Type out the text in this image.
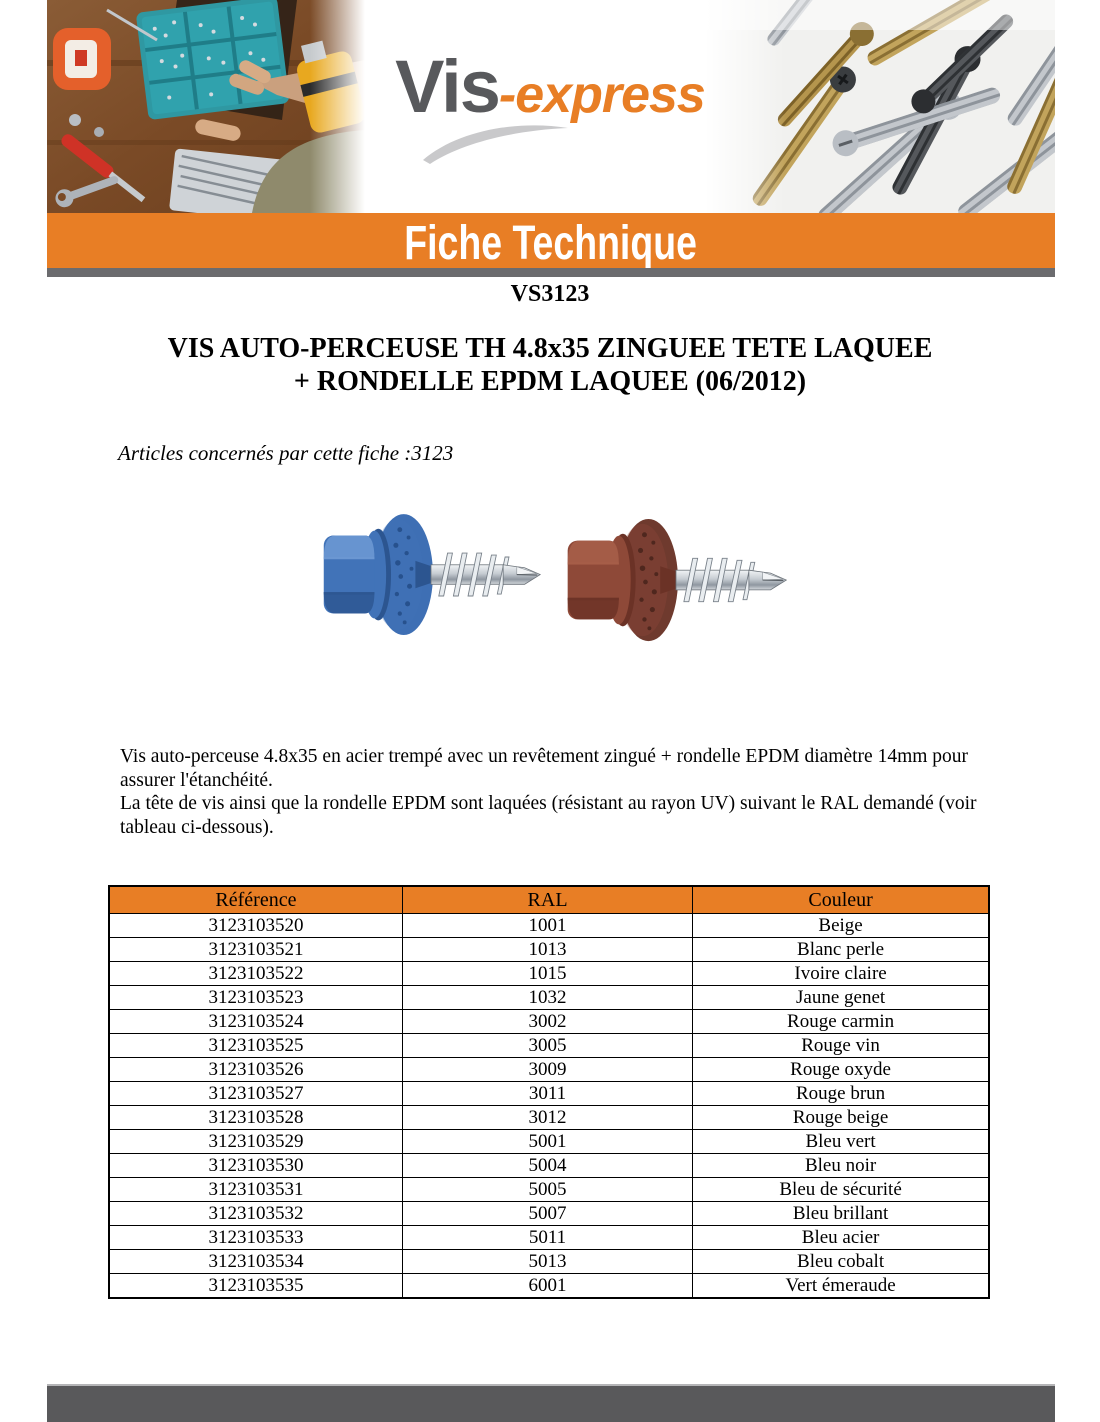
Vis -express
Fiche Technique
VS3123
VIS AUTO-PERCEUSE TH 4.8x35 ZINGUEE TETE LAQUEE
+ RONDELLE EPDM LAQUEE (06/2012)
Articles concernés par cette fiche :3123

Vis auto-perceuse 4.8x35 en acier trempé avec un revêtement zingué + rondelle EPDM diamètre 14mm pour assurer l'étanchéité.

La tête de vis ainsi que la rondelle EPDM sont laquées (résistant au rayon UV) suivant le RAL demandé (voir tableau ci-dessous).

Référence	RAL	Couleur
3123103520	1001	Beige
3123103521	1013	Blanc perle
3123103522	1015	Ivoire claire
3123103523	1032	Jaune genet
3123103524	3002	Rouge carmin
3123103525	3005	Rouge vin
3123103526	3009	Rouge oxyde
3123103527	3011	Rouge brun
3123103528	3012	Rouge beige
3123103529	5001	Bleu vert
3123103530	5004	Bleu noir
3123103531	5005	Bleu de sécurité
3123103532	5007	Bleu brillant
3123103533	5011	Bleu acier
3123103534	5013	Bleu cobalt
3123103535	6001	Vert émeraude
